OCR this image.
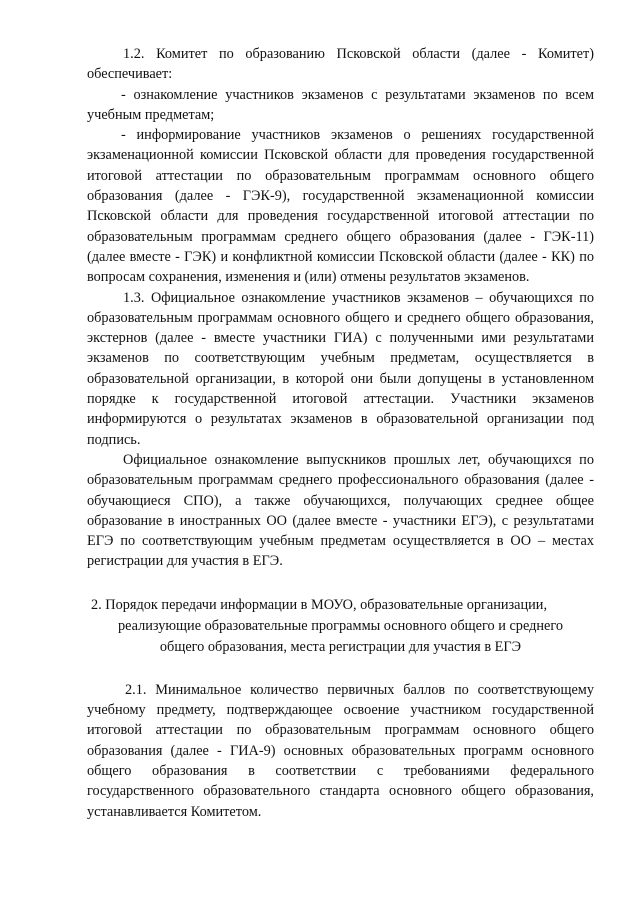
1.2. Комитет по образованию Псковской области (далее - Комитет) обеспечивает:

- ознакомление участников экзаменов с результатами экзаменов по всем учебным предметам;

- информирование участников экзаменов о решениях государственной экзаменационной комиссии Псковской области для проведения государственной итоговой аттестации по образовательным программам основного общего образования (далее - ГЭК-9), государственной экзаменационной комиссии Псковской области для проведения государственной итоговой аттестации по образовательным программам среднего общего образования (далее - ГЭК-11) (далее вместе - ГЭК) и конфликтной комиссии Псковской области (далее - КК) по вопросам сохранения, изменения и (или) отмены результатов экзаменов.

1.3. Официальное ознакомление участников экзаменов – обучающихся по образовательным программам основного общего и среднего общего образования, экстернов (далее - вместе участники ГИА) с полученными ими результатами экзаменов по соответствующим учебным предметам, осуществляется в образовательной организации, в которой они были допущены в установленном порядке к государственной итоговой аттестации. Участники экзаменов информируются о результатах экзаменов в образовательной организации под подпись.

Официальное ознакомление выпускников прошлых лет, обучающихся по образовательным программам среднего профессионального образования (далее - обучающиеся СПО), а также обучающихся, получающих среднее общее образование в иностранных ОО (далее вместе - участники ЕГЭ), с результатами ЕГЭ по соответствующим учебным предметам осуществляется в ОО – местах регистрации для участия в ЕГЭ.

2. Порядок передачи информации в МОУО, образовательные организации,
реализующие образовательные программы основного общего и среднего
общего образования, места регистрации для участия в ЕГЭ

2.1. Минимальное количество первичных баллов по соответствующему учебному предмету, подтверждающее освоение участником государственной итоговой аттестации по образовательным программам основного общего образования (далее - ГИА-9) основных образовательных программ основного общего образования в соответствии с требованиями федерального государственного образовательного стандарта основного общего образования, устанавливается Комитетом.
